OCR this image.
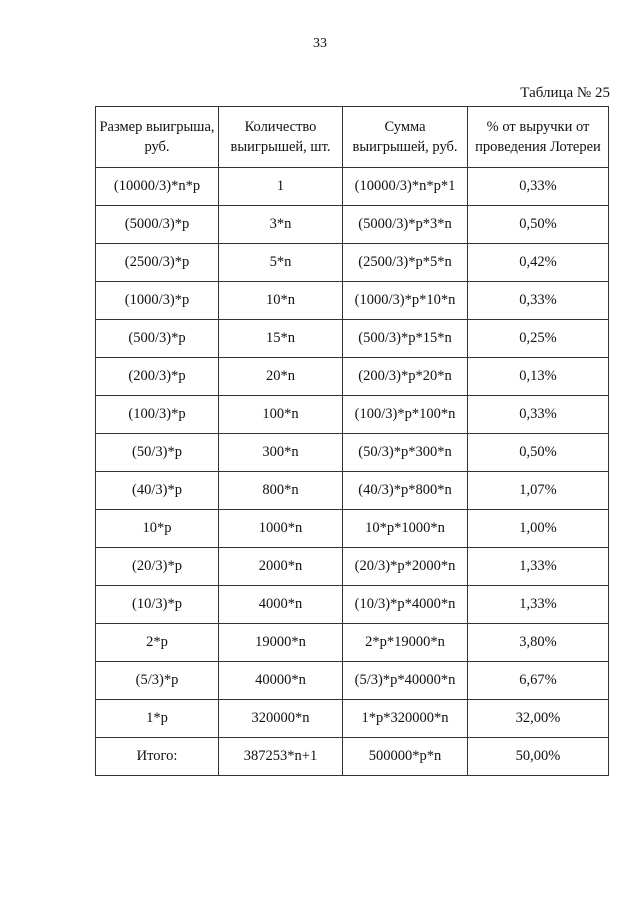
33
Таблица № 25
Размер выигрыша, руб.	Количество выигрышей, шт.	Сумма выигрышей, руб.	% от выручки от проведения Лотереи
(10000/3)*n*p	1	(10000/3)*n*p*1	0,33%
(5000/3)*p	3*n	(5000/3)*p*3*n	0,50%
(2500/3)*p	5*n	(2500/3)*p*5*n	0,42%
(1000/3)*p	10*n	(1000/3)*p*10*n	0,33%
(500/3)*p	15*n	(500/3)*p*15*n	0,25%
(200/3)*p	20*n	(200/3)*p*20*n	0,13%
(100/3)*p	100*n	(100/3)*p*100*n	0,33%
(50/3)*p	300*n	(50/3)*p*300*n	0,50%
(40/3)*p	800*n	(40/3)*p*800*n	1,07%
10*p	1000*n	10*p*1000*n	1,00%
(20/3)*p	2000*n	(20/3)*p*2000*n	1,33%
(10/3)*p	4000*n	(10/3)*p*4000*n	1,33%
2*p	19000*n	2*p*19000*n	3,80%
(5/3)*p	40000*n	(5/3)*p*40000*n	6,67%
1*p	320000*n	1*p*320000*n	32,00%
Итого:	387253*n+1	500000*p*n	50,00%
